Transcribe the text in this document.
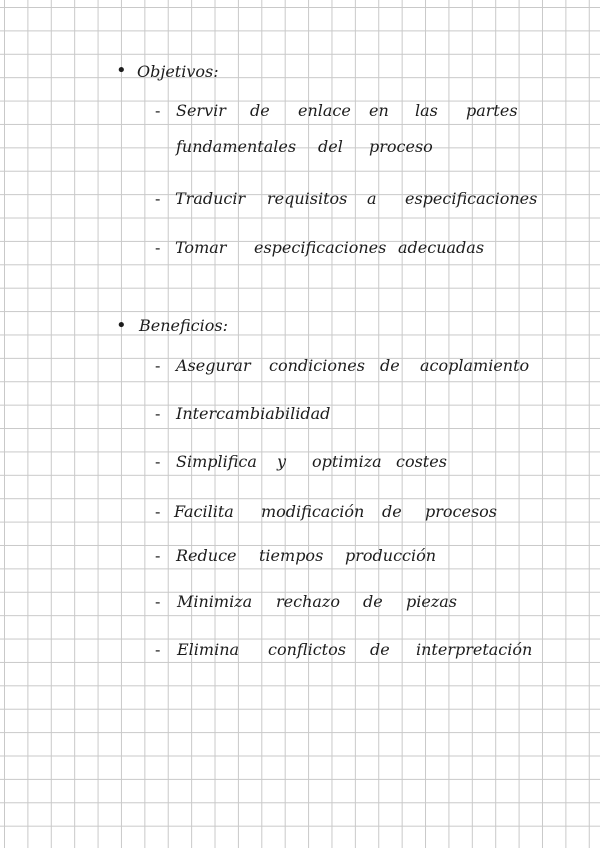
• Objetivos:
- Servir de enlace en las partes
fundamentales del proceso
- Traducir requisitos a especificaciones
- Tomar especificaciones adecuadas
• Beneficios:
- Asegurar condiciones de acoplamiento
- Intercambiabilidad
- Simplifica y optimiza costes
- Facilita modificación de procesos
- Reduce tiempos producción
- Minimiza rechazo de piezas
- Elimina conflictos de interpretación
